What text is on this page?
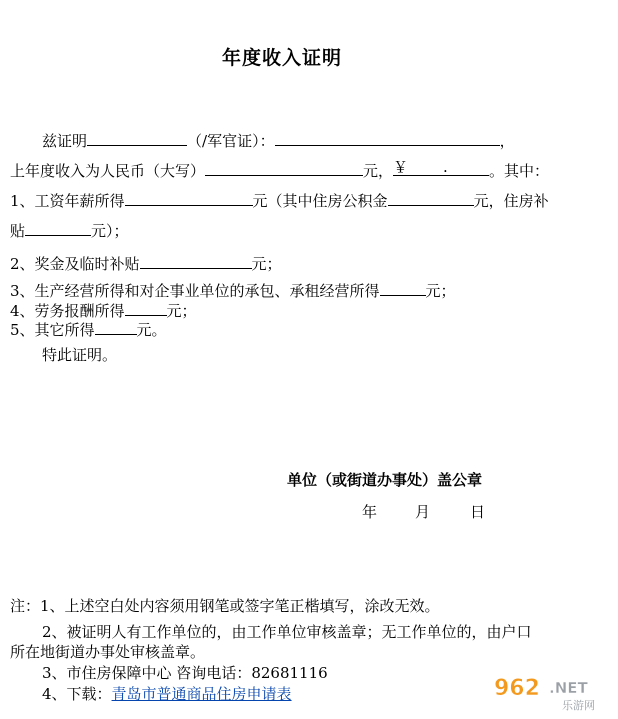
年度收入证明
兹证明	（/军官证）：	，
上年度收入为人民币（大写）	元， ￥ .	。其中：
1、工资年薪所得	元（其中住房公积金	元，住房补
贴	元）；
2、奖金及临时补贴	元；
3、生产经营所得和对企事业单位的承包、承租经营所得	元；
4、劳务报酬所得	元；
5、其它所得	元。
特此证明。
单位（或街道办事处）盖公章
年	月	日
注：1、上述空白处内容须用钢笔或签字笔正楷填写，涂改无效。
2、被证明人有工作单位的，由工作单位审核盖章；无工作单位的，由户口
所在地街道办事处审核盖章。
3、市住房保障中心 咨询电话：82681116
4、下载：青岛市普通商品住房申请表	962 .NET
乐游网
